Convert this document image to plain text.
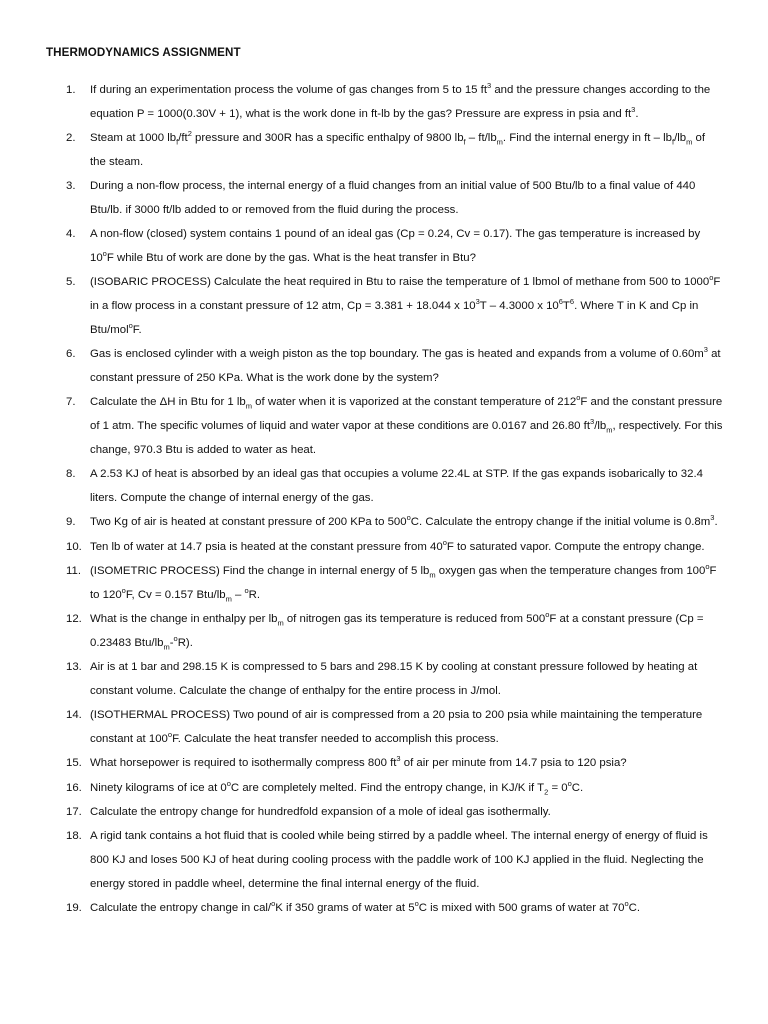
THERMODYNAMICS ASSIGNMENT
1.	If during an experimentation process the volume of gas changes from 5 to 15 $ft^3$ and the pressure changes according to the equation P = 1000(0.30V + 1), what is the work done in ft-lb by the gas? Pressure are express in psia and $ft^3$.

2.	Steam at 1000 $lb_f/ft^2$ pressure and 300R has a specific enthalpy of 9800 $lb_f - ft/lb_m$. Find the internal energy in ft – $lb_f/lb_m$ of the steam.

3.	During a non-flow process, the internal energy of a fluid changes from an initial value of 500 Btu/lb to a final value of 440 Btu/lb. if 3000 ft/lb added to or removed from the fluid during the process.

4.	A non-flow (closed) system contains 1 pound of an ideal gas (Cp = 0.24, Cv = 0.17). The gas temperature is increased by 10$^o$F while Btu of work are done by the gas. What is the heat transfer in Btu?

5.	(ISOBARIC PROCESS) Calculate the heat required in Btu to raise the temperature of 1 lbmol of methane from 500 to 1000$^o$F in a flow process in a constant pressure of 12 atm, Cp = 3.381 + 18.044 x $10^3T - 4.3000$ x $10^6T^6$. Where T in K and Cp in Btu/mol$^o$F.

6.	Gas is enclosed cylinder with a weigh piston as the top boundary. The gas is heated and expands from a volume of $0.60m^3$ at constant pressure of 250 KPa. What is the work done by the system?

7.	Calculate the ΔH in Btu for 1 $lb_m$ of water when it is vaporized at the constant temperature of 212$^o$F and the constant pressure of 1 atm. The specific volumes of liquid and water vapor at these conditions are 0.0167 and 26.80 $ft^3/lb_m$, respectively. For this change, 970.3 Btu is added to water as heat.

8.	A 2.53 KJ of heat is absorbed by an ideal gas that occupies a volume 22.4L at STP. If the gas expands isobarically to 32.4 liters. Compute the change of internal energy of the gas.

9.	Two Kg of air is heated at constant pressure of 200 KPa to 500$^o$C. Calculate the entropy change if the initial volume is $0.8m^3$.

10. Ten lb of water at 14.7 psia is heated at the constant pressure from 40$^o$F to saturated vapor. Compute the entropy change.

11. (ISOMETRIC PROCESS) Find the change in internal energy of 5 $lb_m$ oxygen gas when the temperature changes from 100$^o$F to 120$^o$F, Cv = 0.157 Btu/$lb_m - ^oR$.

12. What is the change in enthalpy per $lb_m$ of nitrogen gas its temperature is reduced from 500$^o$F at a constant pressure (Cp = 0.23483 Btu/$lb_m-^oR$).

13. Air is at 1 bar and 298.15 K is compressed to 5 bars and 298.15 K by cooling at constant pressure followed by heating at constant volume. Calculate the change of enthalpy for the entire process in J/mol.

14. (ISOTHERMAL PROCESS) Two pound of air is compressed from a 20 psia to 200 psia while maintaining the temperature constant at 100$^o$F. Calculate the heat transfer needed to accomplish this process.

15. What horsepower is required to isothermally compress 800 $ft^3$ of air per minute from 14.7 psia to 120 psia?

16. Ninety kilograms of ice at 0$^o$C are completely melted. Find the entropy change, in KJ/K if $T_2 = 0^oC$.

17. Calculate the entropy change for hundredfold expansion of a mole of ideal gas isothermally.

18. A rigid tank contains a hot fluid that is cooled while being stirred by a paddle wheel. The internal energy of energy of fluid is 800 KJ and loses 500 KJ of heat during cooling process with the paddle work of 100 KJ applied in the fluid. Neglecting the energy stored in paddle wheel, determine the final internal energy of the fluid.

19. Calculate the entropy change in cal/$^o$K if 350 grams of water at 5$^o$C is mixed with 500 grams of water at 70$^o$C.
